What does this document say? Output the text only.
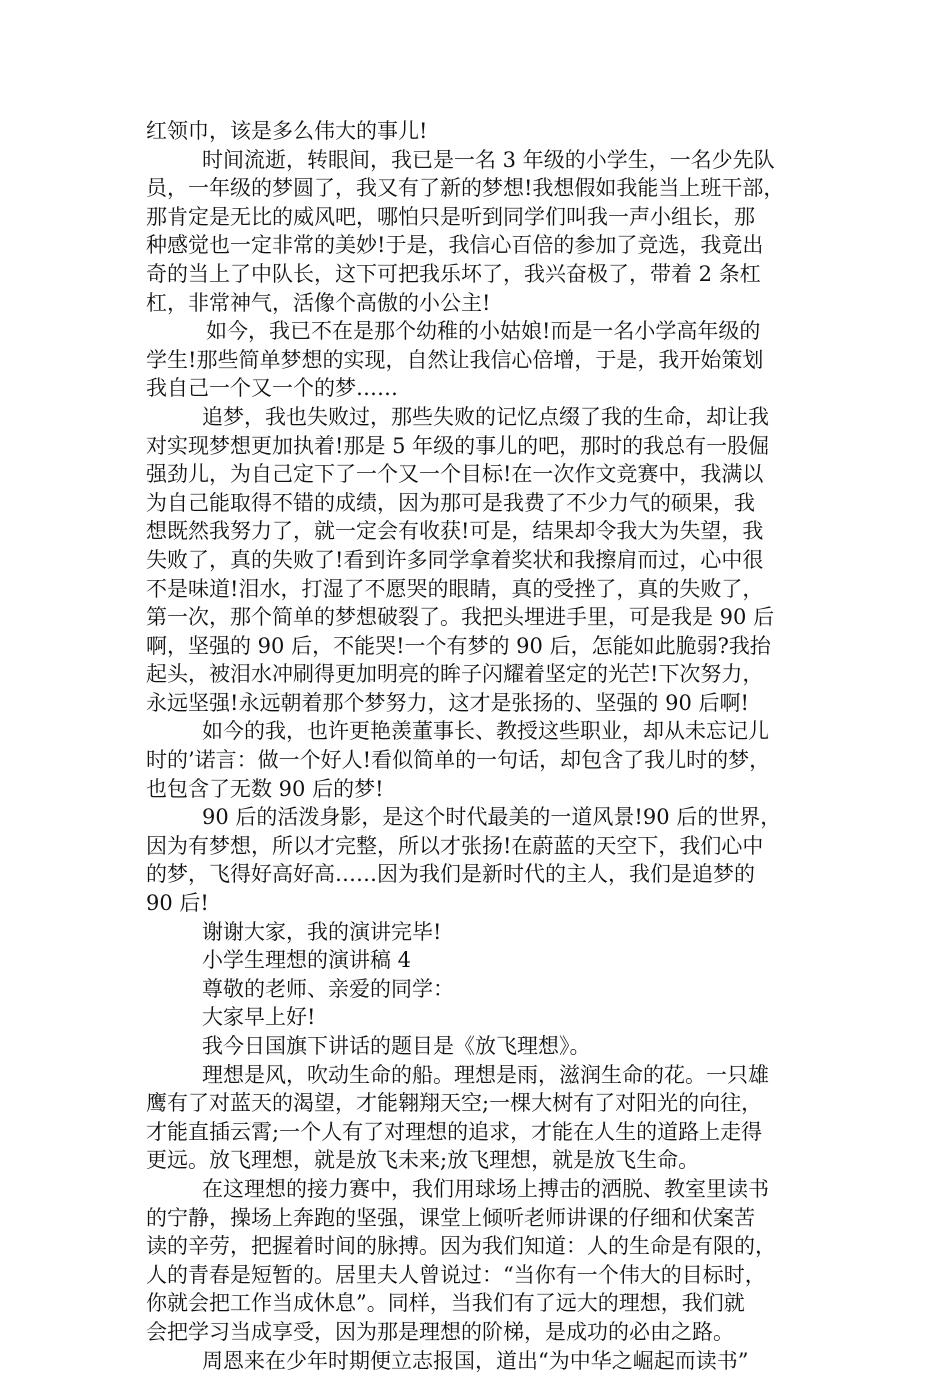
红领巾，该是多么伟大的事儿!
时间流逝，转眼间，我已是一名 3 年级的小学生，一名少先队
员，一年级的梦圆了，我又有了新的梦想!我想假如我能当上班干部，
那肯定是无比的威风吧，哪怕只是听到同学们叫我一声小组长，那
种感觉也一定非常的美妙!于是，我信心百倍的参加了竞选，我竟出
奇的当上了中队长，这下可把我乐坏了，我兴奋极了，带着 2 条杠
杠，非常神气，活像个高傲的小公主!
如今，我已不在是那个幼稚的小姑娘!而是一名小学高年级的
学生!那些简单梦想的实现，自然让我信心倍增，于是，我开始策划
我自己一个又一个的梦……
追梦，我也失败过，那些失败的记忆点缀了我的生命，却让我
对实现梦想更加执着!那是 5 年级的事儿的吧，那时的我总有一股倔
强劲儿，为自己定下了一个又一个目标!在一次作文竞赛中，我满以
为自己能取得不错的成绩，因为那可是我费了不少力气的硕果，我
想既然我努力了，就一定会有收获!可是，结果却令我大为失望，我
失败了，真的失败了!看到许多同学拿着奖状和我擦肩而过，心中很
不是味道!泪水，打湿了不愿哭的眼睛，真的受挫了，真的失败了，
第一次，那个简单的梦想破裂了。我把头埋进手里，可是我是 90 后
啊，坚强的 90 后，不能哭!一个有梦的 90 后，怎能如此脆弱?我抬
起头，被泪水冲刷得更加明亮的眸子闪耀着坚定的光芒!下次努力，
永远坚强!永远朝着那个梦努力，这才是张扬的、坚强的 90 后啊!
如今的我，也许更艳羡董事长、教授这些职业，却从未忘记儿
时的’诺言：做一个好人!看似简单的一句话，却包含了我儿时的梦，
也包含了无数 90 后的梦!
90 后的活泼身影，是这个时代最美的一道风景!90 后的世界，
因为有梦想，所以才完整，所以才张扬!在蔚蓝的天空下，我们心中
的梦，飞得好高好高……因为我们是新时代的主人，我们是追梦的
90 后!
谢谢大家，我的演讲完毕!
小学生理想的演讲稿 4
尊敬的老师、亲爱的同学：
大家早上好!
我今日国旗下讲话的题目是《放飞理想》。
理想是风，吹动生命的船。理想是雨，滋润生命的花。一只雄
鹰有了对蓝天的渴望，才能翱翔天空;一棵大树有了对阳光的向往，
才能直插云霄;一个人有了对理想的追求，才能在人生的道路上走得
更远。放飞理想，就是放飞未来;放飞理想，就是放飞生命。
在这理想的接力赛中，我们用球场上搏击的洒脱、教室里读书
的宁静，操场上奔跑的坚强，课堂上倾听老师讲课的仔细和伏案苦
读的辛劳，把握着时间的脉搏。因为我们知道：人的生命是有限的，
人的青春是短暂的。居里夫人曾说过：“当你有一个伟大的目标时，
你就会把工作当成休息”。同样，当我们有了远大的理想，我们就
会把学习当成享受，因为那是理想的阶梯，是成功的必由之路。
周恩来在少年时期便立志报国，道出“为中华之崛起而读书”
